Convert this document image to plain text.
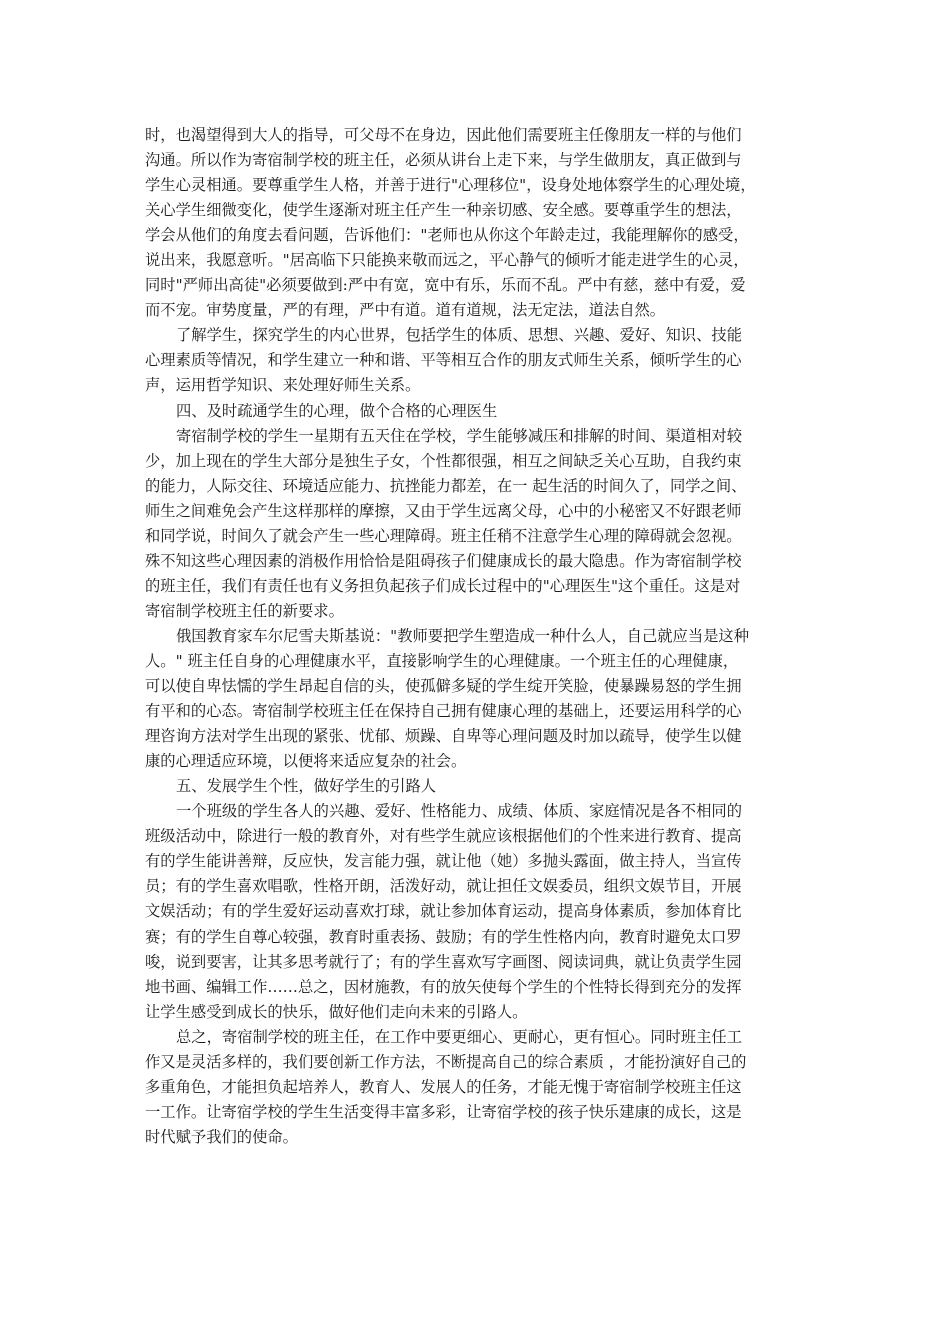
时，也渴望得到大人的指导，可父母不在身边，因此他们需要班主任像朋友一样的与他们
沟通。所以作为寄宿制学校的班主任，必须从讲台上走下来，与学生做朋友，真正做到与
学生心灵相通。要尊重学生人格，并善于进行"心理移位"，设身处地体察学生的心理处境，
关心学生细微变化，使学生逐渐对班主任产生一种亲切感、安全感。要尊重学生的想法，
学会从他们的角度去看问题，告诉他们："老师也从你这个年龄走过，我能理解你的感受，
说出来，我愿意听。"居高临下只能换来敬而远之，平心静气的倾听才能走进学生的心灵，
同时"严师出高徒"必须要做到:严中有宽，宽中有乐，乐而不乱。严中有慈，慈中有爱，爱
而不宠。审势度量，严的有理，严中有道。道有道规，法无定法，道法自然。
了解学生，探究学生的内心世界，包括学生的体质、思想、兴趣、爱好、知识、技能
心理素质等情况，和学生建立一种和谐、平等相互合作的朋友式师生关系，倾听学生的心
声，运用哲学知识、来处理好师生关系。
四、及时疏通学生的心理，做个合格的心理医生
寄宿制学校的学生一星期有五天住在学校，学生能够减压和排解的时间、渠道相对较
少，加上现在的学生大部分是独生子女，个性都很强，相互之间缺乏关心互助，自我约束
的能力，人际交往、环境适应能力、抗挫能力都差，在一 起生活的时间久了，同学之间、
师生之间难免会产生这样那样的摩擦，又由于学生远离父母，心中的小秘密又不好跟老师
和同学说，时间久了就会产生一些心理障碍。班主任稍不注意学生心理的障碍就会忽视。
殊不知这些心理因素的消极作用恰恰是阻碍孩子们健康成长的最大隐患。作为寄宿制学校
的班主任，我们有责任也有义务担负起孩子们成长过程中的"心理医生"这个重任。这是对
寄宿制学校班主任的新要求。
俄国教育家车尔尼雪夫斯基说："教师要把学生塑造成一种什么人，自己就应当是这种
人。" 班主任自身的心理健康水平，直接影响学生的心理健康。一个班主任的心理健康，
可以使自卑怯懦的学生昂起自信的头，使孤僻多疑的学生绽开笑脸，使暴躁易怒的学生拥
有平和的心态。寄宿制学校班主任在保持自己拥有健康心理的基础上，还要运用科学的心
理咨询方法对学生出现的紧张、忧郁、烦躁、自卑等心理问题及时加以疏导，使学生以健
康的心理适应环境，以便将来适应复杂的社会。
五、发展学生个性，做好学生的引路人
一个班级的学生各人的兴趣、爱好、性格能力、成绩、体质、家庭情况是各不相同的
班级活动中，除进行一般的教育外，对有些学生就应该根据他们的个性来进行教育、提高
有的学生能讲善辩，反应快，发言能力强，就让他（她）多抛头露面，做主持人，当宣传
员；有的学生喜欢唱歌，性格开朗，活泼好动，就让担任文娱委员，组织文娱节目，开展
文娱活动；有的学生爱好运动喜欢打球，就让参加体育运动，提高身体素质，参加体育比
赛；有的学生自尊心较强，教育时重表扬、鼓励；有的学生性格内向，教育时避免太口罗
唆，说到要害，让其多思考就行了；有的学生喜欢写字画图、阅读词典，就让负责学生园
地书画、编辑工作……总之，因材施教，有的放矢使每个学生的个性特长得到充分的发挥
让学生感受到成长的快乐，做好他们走向未来的引路人。
总之，寄宿制学校的班主任，在工作中要更细心、更耐心，更有恒心。同时班主任工
作又是灵活多样的，我们要创新工作方法，不断提高自己的综合素质 ，才能扮演好自己的
多重角色，才能担负起培养人，教育人、发展人的任务，才能无愧于寄宿制学校班主任这
一工作。让寄宿学校的学生生活变得丰富多彩，让寄宿学校的孩子快乐建康的成长，这是
时代赋予我们的使命。
